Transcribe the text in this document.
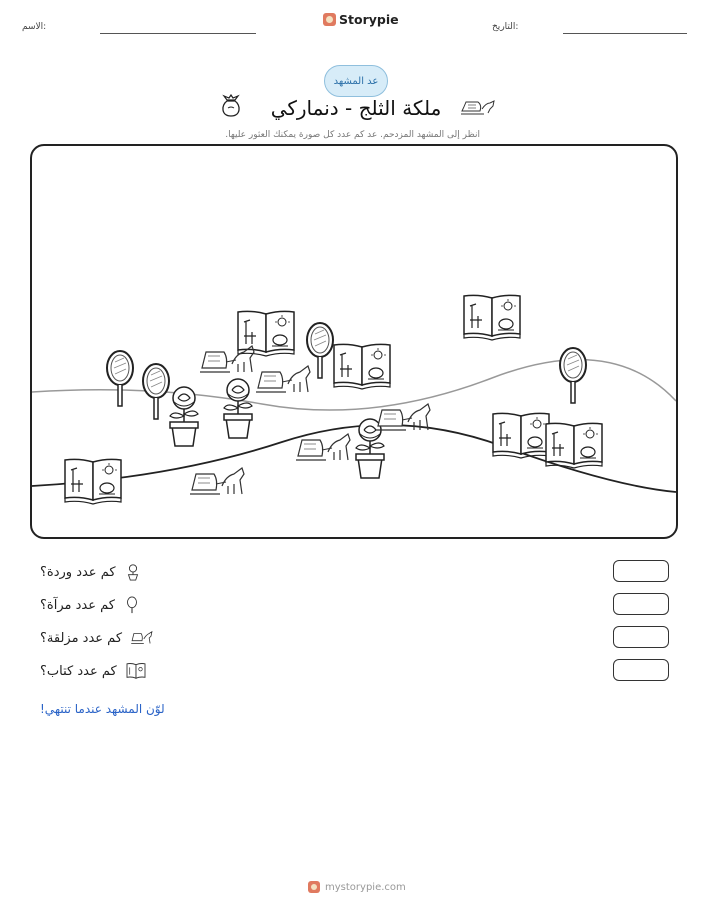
الاسم:	Storypie	التاريخ:
عد المشهد
ملكة الثلج - دنماركي
انظر إلى المشهد المزدحم. عد كم عدد كل صورة يمكنك العثور عليها.
كم عدد وردة؟
كم عدد مرآة؟
كم عدد مزلقة؟
كم عدد كتاب؟
لوّن المشهد عندما تنتهي!
mystorypie.com
